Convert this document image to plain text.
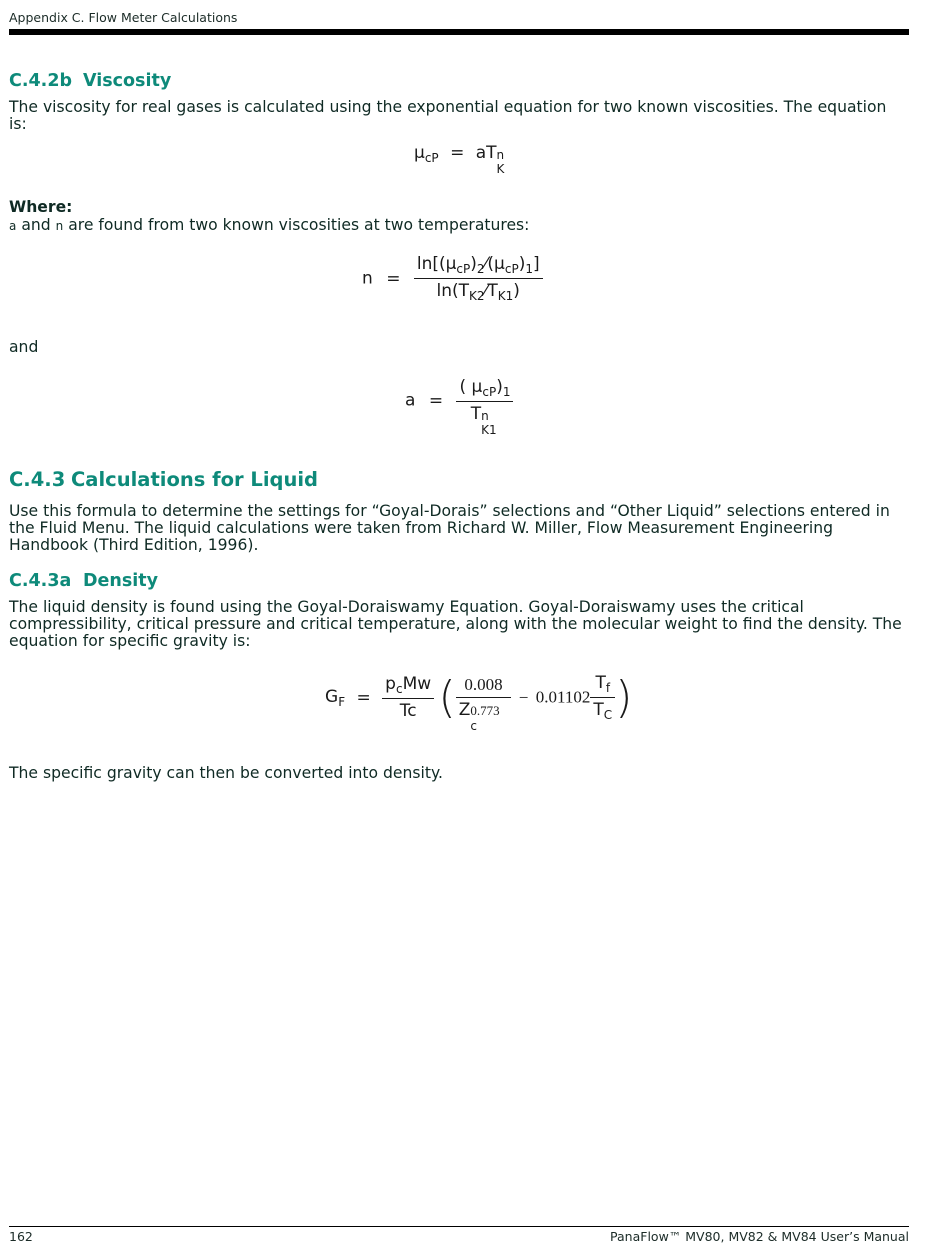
Appendix C. Flow Meter Calculations
C.4.2b Viscosity
The viscosity for real gases is calculated using the exponential equation for two known viscosities. The equation is:
$\mu_{cP}$ = aT n
K
Where:
a and n are found from two known viscosities at two temperatures:
$n = \frac{\ln[(\mu_{cP})_2⁄(\mu_{cP})_1]}{\ln(T_{K2}⁄T_{K1})}$
and
a = ( $\mu_{cP})_1$
T n
K1
C.4.3 Calculations for Liquid
Use this formula to determine the settings for “Goyal-Dorais” selections and “Other Liquid” selections entered in the Fluid Menu. The liquid calculations were taken from Richard W. Miller, Flow Measurement Engineering Handbook (Third Edition, 1996).
C.4.3a Density
The liquid density is found using the Goyal-Doraiswamy Equation. Goyal-Doraiswamy uses the critical compressibility, critical pressure and critical temperature, along with the molecular weight to find the density. The equation for specific gravity is:
$G_F = \frac{p_cMw}{Tc}$ ( 0.008
Z 0.773
$c - 0.01102 \frac{T_f}{T_C}$ )
The specific gravity can then be converted into density.
162	PanaFlow™ MV80, MV82 & MV84 User’s Manual
